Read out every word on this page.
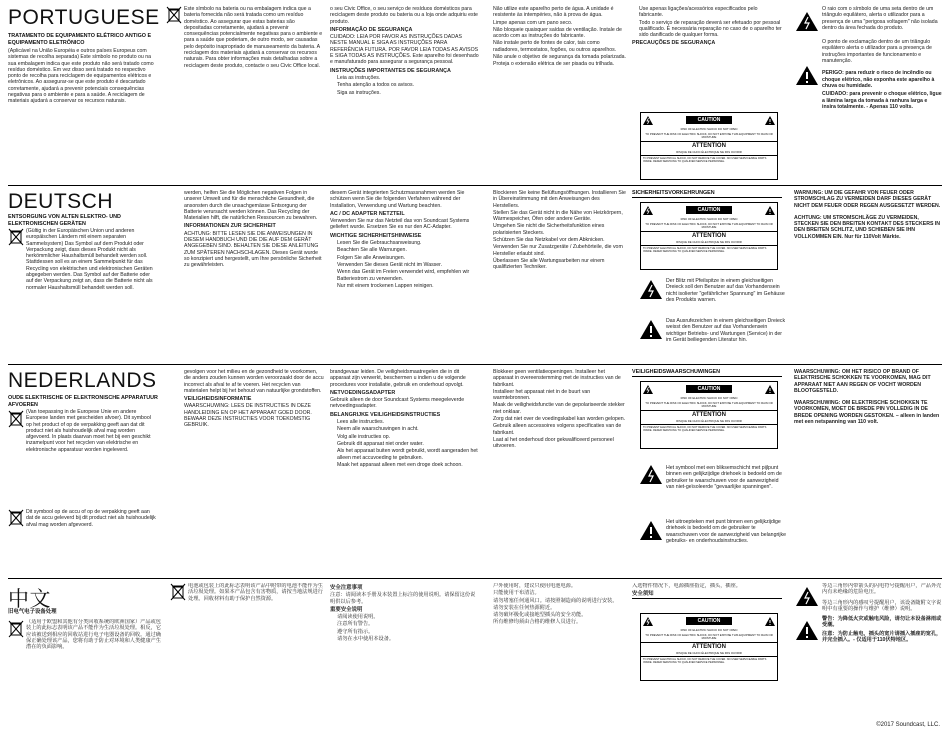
PORTUGUESE
TRATAMENTO DE EQUIPAMENTO ELÉTRICO ANTIGO E EQUIPAMENTO ELETRÔNICO

(Aplicável na União Européia e outros países Europeus com sistemas de recolha separada) Este símbolo no produto ou na sua embalagem indica que este produto não será tratado como resíduo doméstico. Em vez disso será tratado no respectivo ponto de recolha para reciclagem de equipamentos elétricos e eletrônicos. Ao assegurar-se que este produto é descartado corretamente, ajudará a prevenir potenciais consequências negativas para o ambiente e para a saúde. A reciclagem de materiais ajudará a conservar os recursos naturais.

Este símbolo na bateria ou na embalagem indica que a bateria fornecida não será tratada como um resíduo doméstico. Ao assegurar que estas baterias são depositadas corretamente, ajudará a prevenir consequências potencialmente negativas para o ambiente e para a saúde que poderiam, de outro modo, ser causadas pelo depósito inapropriado de manuseamento da bateria. A reciclagem dos materiais ajudará a conservar os recursos naturais. Para obter informações mais detalhadas sobre a reciclagem deste produto, contacte o seu Civic Office local.

o seu Civic Office, o seu serviço de resíduos domésticos para reciclagem deste produto ou bateria ou a loja onde adquiriu este produto.

INFORMAÇÃO DE SEGURANÇA

CUIDADO: LEIA POR FAVOR AS INSTRUÇÕES DADAS NESTE MANUAL E SIGA AS INSTRUÇÕES PARA REFERÊNCIA FUTURA. POR FAVOR LEIA TODAS AS AVISOS E SIGA TODAS AS INSTRUÇÕES. Este aparelho foi desenhado e manufaturado para assegurar a segurança pessoal.

INSTRUÇÕES IMPORTANTES DE SEGURANÇA
• Leia as instruções.
• Tenha atenção a todos os avisos.
• Siga as instruções.
• Não utilize este aparelho perto de água. A unidade é resistente às intempéries, não à prova de água.
• Limpe apenas com um pano seco.
• Não bloqueie quaisquer saídas de ventilação. Instale de acordo com as instruções do fabricante.
• Não instale perto de fontes de calor, tais como radiadores, termostatos, fogões, ou outros aparelhos.
• Não anule o objetivo de segurança da tomada polarizada.
• Proteja o extensão elétrica de ser pisada ou trilhada.
• Use apenas ligações/acessórios especificados pelo fabricante.
• Todo o serviço de reparação deverá ser efetuado por pessoal qualificado. É necessária reparação no caso de o aparelho ter sido danificado de qualquer forma.
PRECAUÇÕES DE SEGURANÇA
CAUTION
RISK OF ELECTRIC SHOCK DO NOT OPEN
TO PREVENT THE RISK OF ELECTRIC SHOCK, DO NOT EXPOSE THIS EQUIPMENT TO RAIN OR MOISTURE
ATTENTION
RISQUE DE CHOC ÉLECTRIQUE NE PAS OUVRIR
TO PREVENT ELECTRICAL SHOCK, DO NOT REMOVE THE COVER. NO USER SERVICEABLE PARTS INSIDE. REFER SERVICING TO QUALIFIED SERVICE PERSONNEL.

O raio com o símbolo de uma seta dentro de um triângulo equilátero, alerta o utilizador para a presença de uma "perigosa voltagem" não isolada dentro da área fechada do produto.

O ponto de exclamação dentro de um triângulo equilátero alerta o utilizador para a presença de instruções importantes de funcionamento e manutenção.

PERIGO: para reduzir o risco de incêndio ou choque elétrico, não exponha este aparelho à chuva ou humidade.

CUIDADO: para prevenir o choque elétrico, ligue a lâmina larga da tomada à ranhura larga e insira totalmente. - Apenas 110 volts.

DEUTSCH
ENTSORGUNG VON ALTEN ELEKTRO- UND ELEKTRONISCHEN GERÄTEN

(Gültig in der Europäischen Union und anderen europäischen Ländern mit einem separaten Sammelsystem) Das Symbol auf dem Produkt oder Verpackung zeigt, dass dieses Produkt nicht als herkömmlicher Haushaltsmüll behandelt werden soll. Stattdessen soll es an einem Sammelpunkt für das Recycling von elektrischen und elektronischen Geräten abgegeben werden. Das Symbol auf der Batterie oder auf der Verpackung zeigt an, dass die Batterie nicht als normaler Haushaltsmüll behandelt werden soll.

werden, helfen Sie die Möglichen negativen Folgen in unserer Umwelt und für die menschliche Gesundheit, die ansonsten durch die unsachgemässe Entsorgung der Batterie verursacht werden können. Das Recycling der Materialien hilft, die natürlichen Ressourcen zu bewahren.

INFORMATIONEN ZUR SICHERHEIT

ACHTUNG: BITTE LESEN SIE DIE ANWEISUNGEN IN DIESEM HANDBUCH UND DIE DIE AUF DEM GERÄT ANGEGEBEN SIND. BEHALTEN SIE DIESE ANLEITUNG ZUM SPÄTEREN NACHSCHLAGEN. Dieses Gerät wurde so konzipiert und hergestellt, um Ihre persönliche Sicherheit zu gewährleisten.

diesem Gerät integrierten Schutzmassnahmen werden Sie schützen wenn Sie die folgenden Verfahren während der Installation, Verwendung und Wartung beachten.

AC / DC ADAPTER NETZTEIL

Verwenden Sie nur das Netzteil das von Soundcast Systems geliefert wurde. Ersetzen Sie es nur den AC-Adapter.

WICHTIGE SICHERHEITSHINWEISE
• Lesen Sie die Gebrauchsanweisung.
• Beachten Sie alle Warnungen.
• Folgen Sie alle Anweisungen.
• Verwenden Sie dieses Gerät nicht im Wasser.
• Wenn das Gerät im Freien verwendet wird, empfehlen wir Batteriestrom zu verwenden.
• Nur mit einem trockenen Lappen reinigen.
• Blockieren Sie keine Belüftungsöffnungen. Installieren Sie in Übereinstimmung mit den Anweisungen des Herstellers.
• Stellen Sie das Gerät nicht in die Nähe von Heizkörpern, Wärmespeicher, Öfen oder andere Geräte.
• Umgehen Sie nicht die Sicherheitsfunktion eines polarisierten Steckers.
• Schützen Sie das Netzkabel vor dem Abknicken.
• Verwenden Sie nur Zusatzgeräte / Zubehörteile, die vom Hersteller erlaubt sind.
• Überlassen Sie alle Wartungsarbeiten nur einem qualifizierten Techniker.
SICHERHEITSVORKEHRUNGEN
CAUTION
RISK OF ELECTRIC SHOCK DO NOT OPEN
TO PREVENT THE RISK OF ELECTRIC SHOCK, DO NOT EXPOSE THIS EQUIPMENT TO RAIN OR MOISTURE
ATTENTION
RISQUE DE CHOC ÉLECTRIQUE NE PAS OUVRIR
TO PREVENT ELECTRICAL SHOCK, DO NOT REMOVE THE COVER. NO USER SERVICEABLE PARTS INSIDE. REFER SERVICING TO QUALIFIED SERVICE PERSONNEL.

Der Blitz mit Pfeilspitze in einem gleichseitigen Dreieck soll den Benutzer auf das Vorhandensein nicht isolierter "gefährlicher Spannung" im Gehäuse des Produkts warnen.

Das Ausrufezeichen in einem gleichseitigen Dreieck weisst den Benutzer auf das Vorhandensein wichtiger Betriebs- und Wartungen (Service) in der im Gerät beiliegenden Literatur hin.

WARNUNG: UM DIE GEFAHR VON FEUER ODER STROMSCHLAG ZU VERMEIDEN DARF DIESES GERÄT NICHT DEM FEUER ODER REGEN AUSGESETZT WERDEN.

ACHTUNG: UM STROMSCHLÄGE ZU VERMEIDEN, STECKEN SIE DEN BREITEN KONTAKT DES STECKERS IN DEN BREITEN SCHLITZ, UND SCHIEBEN SIE IHN VOLLKOMMEN EIN. Nur für 110Volt Märkte.

NEDERLANDS
OUDE ELEKTRISCHE OF ELEKTRONISCHE APPARATUUR AFVOEREN

(Van toepassing in de Europese Unie en andere Europese landen met gescheiden afvoer). Dit symbool op het product of op de verpakking geeft aan dat dit product niet als huishoudelijk afval mag worden afgevoerd. In plaats daarvan moet het bij een geschikt inzamelpunt voor het recyclen van elektrische en elektronische apparatuur worden ingeleverd.

Dit symbool op de accu of op de verpakking geeft aan dat de accu geleverd bij dit product niet als huishoudelijk afval mag worden afgevoerd.

gevolgen voor het milieu en de gezondheid te voorkomen, die anders zouden kunnen worden veroorzaakt door de accu incorrect als afval te af te voeren. Het recyclen van materialen helpt bij het behoud van natuurlijke grondstoffen.

VEILIGHEIDSINFORMATIE

WAARSCHUWING: LEES DE INSTRUCTIES IN DEZE HANDLEIDING EN OP HET APPARAAT GOED DOOR. BEWAAR DEZE INSTRUCTIES VOOR TOEKOMSTIG GEBRUIK.

brandgevaar leiden. De veiligheidsmaatregelen die in dit apparaat zijn verwerkt, beschermen u indien u de volgende procedures voor installatie, gebruik en onderhoud opvolgt.

NETVOEDINGSADAPTER

Gebruik alleen de door Soundcast Systems meegeleverde netvoedingsadapter.

BELANGRIJKE VEILIGHEIDSINSTRUCTIES
• Lees alle instructies.
• Neem alle waarschuwingen in acht.
• Volg alle instructies op.
• Gebruik dit apparaat niet onder water.
• Als het apparaat buiten wordt gebruikt, wordt aangeraden het alleen met accuvoeding te gebruiken.
• Maak het apparaat alleen met een droge doek schoon.
• Blokkeer geen ventilatieopeningen. Installeer het apparaat in overeenstemming met de instructies van de fabrikant.
• Installeer het apparaat niet in de buurt van warmtebronnen.
• Maak de veiligheidsfunctie van de gepolariseerde stekker niet onklaar.
• Zorg dat niet over de voedingskabel kan worden gelopen.
• Gebruik alleen accessoires volgens specificaties van de fabrikant.
• Laat al het onderhoud door gekwalificeerd personeel uitvoeren.
VEILIGHEIDSWAARSCHUWINGEN
CAUTION
RISK OF ELECTRIC SHOCK DO NOT OPEN
TO PREVENT THE RISK OF ELECTRIC SHOCK, DO NOT EXPOSE THIS EQUIPMENT TO RAIN OR MOISTURE
ATTENTION
RISQUE DE CHOC ÉLECTRIQUE NE PAS OUVRIR
TO PREVENT ELECTRICAL SHOCK, DO NOT REMOVE THE COVER. NO USER SERVICEABLE PARTS INSIDE. REFER SERVICING TO QUALIFIED SERVICE PERSONNEL.

Het symbool met een bliksemschicht met pijlpunt binnen een gelijkzijdige driehoek is bedoeld om de gebruiker te waarschuwen voor de aanwezigheid van niet-geïsoleerde "gevaarlijke spanningen".

Het uitroepteken met punt binnen een gelijkzijdige driehoek is bedoeld om de gebruiker te waarschuwen voor de aanwezigheid van belangrijke gebruiks- en onderhoudsinstructies.

WAARSCHUWING: OM HET RISICO OP BRAND OF ELEKTRISCHE SCHOKKEN TE VOORKOMEN, MAG DIT APPARAAT NIET AAN REGEN OF VOCHT WORDEN BLOOTGESTELD.

WAARSCHUWING: OM ELEKTRISCHE SCHOKKEN TE VOORKOMEN, MOET DE BREDE PIN VOLLEDIG IN DE BREDE OPENING WORDEN GESTOKEN. – alleen in landen met een netspanning van 110 volt.

中文
旧电气电子设备处理

（适用于欧盟和其他有分类回收系统的欧洲国家）产品或包装上的此标志表明该产品不能作为生活垃圾处理。相反，它应该被送到相应的回收站进行电子电器设备的回收。通过确保正确处理该产品，您将有助于防止对环境和人类健康产生潜在的负面影响。

电池或包装上的此标志表明该产品中附带的电池不能作为生活垃圾处理。如果本产品包含有害物质，请按当地法规进行处理。回收材料有助于保护自然资源。

安全注意事项

注意：请阅读本手册及本装置上标注的使用说明。请保留这份说明供以后参考。

重要安全说明
• 请阅读使用说明。
• 注意所有警告。
• 遵守所有指示。
• 请勿在水中使用本设备。
• 户外使用时，建议只使用电池电源。
• 只能使用干布清洁。
• 请勿堵塞任何通风口。请按照制造商的说明进行安装。
• 请勿安装在任何热源附近。
• 请勿破坏极化或接地型插头的安全功能。
• 所有维修均须由合格的维修人员进行。

入选物件情况下，电源插座指定，插头，插座。

安全须知
CAUTION
RISK OF ELECTRIC SHOCK DO NOT OPEN
TO PREVENT THE RISK OF ELECTRIC SHOCK, DO NOT EXPOSE THIS EQUIPMENT TO RAIN OR MOISTURE
ATTENTION
RISQUE DE CHOC ÉLECTRIQUE NE PAS OUVRIR
TO PREVENT ELECTRICAL SHOCK, DO NOT REMOVE THE COVER. NO USER SERVICEABLE PARTS INSIDE. REFER SERVICING TO QUALIFIED SERVICE PERSONNEL.

等边三角形内带箭头的闪电符号提醒用户，产品外壳内有未绝缘的危险电压。

等边三角形内的感叹号提醒用户，该设备随附文字说明中有重要的操作与维护（维修）说明。

警告：为降低火灾或触电风险，请勿让本设备淋雨或受潮。

注意：为防止触电，插头的宽片请插入插座的宽孔，并完全插入。- 仅适用于110伏特地区。

©2017 Soundcast, LLC.
